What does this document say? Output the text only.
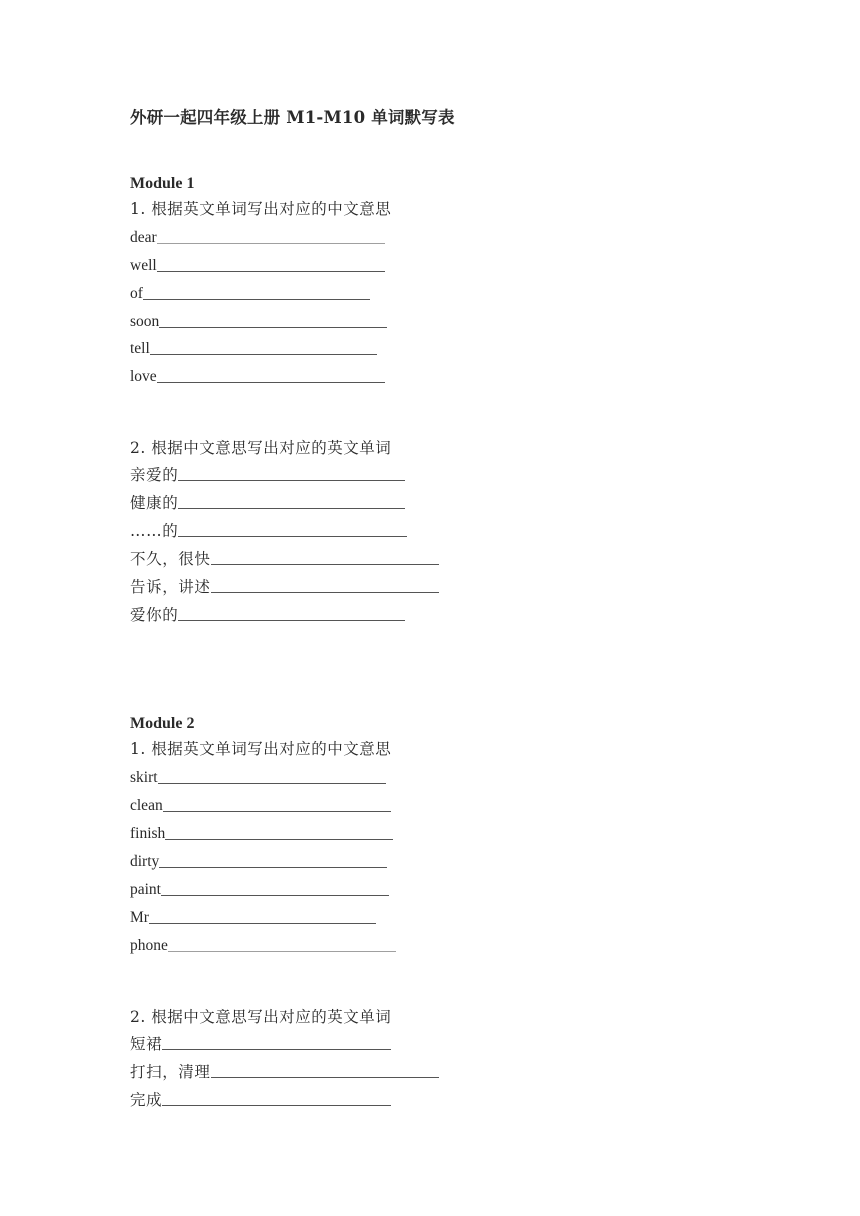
外研一起四年级上册 M1-M10 单词默写表
Module 1
1. 根据英文单词写出对应的中文意思
dear
well
of
soon
tell
love
2. 根据中文意思写出对应的英文单词
亲爱的
健康的
……的
不久，很快
告诉，讲述
爱你的
Module 2
1. 根据英文单词写出对应的中文意思
skirt
clean
finish
dirty
paint
Mr
phone
2. 根据中文意思写出对应的英文单词
短裙
打扫，清理
完成
